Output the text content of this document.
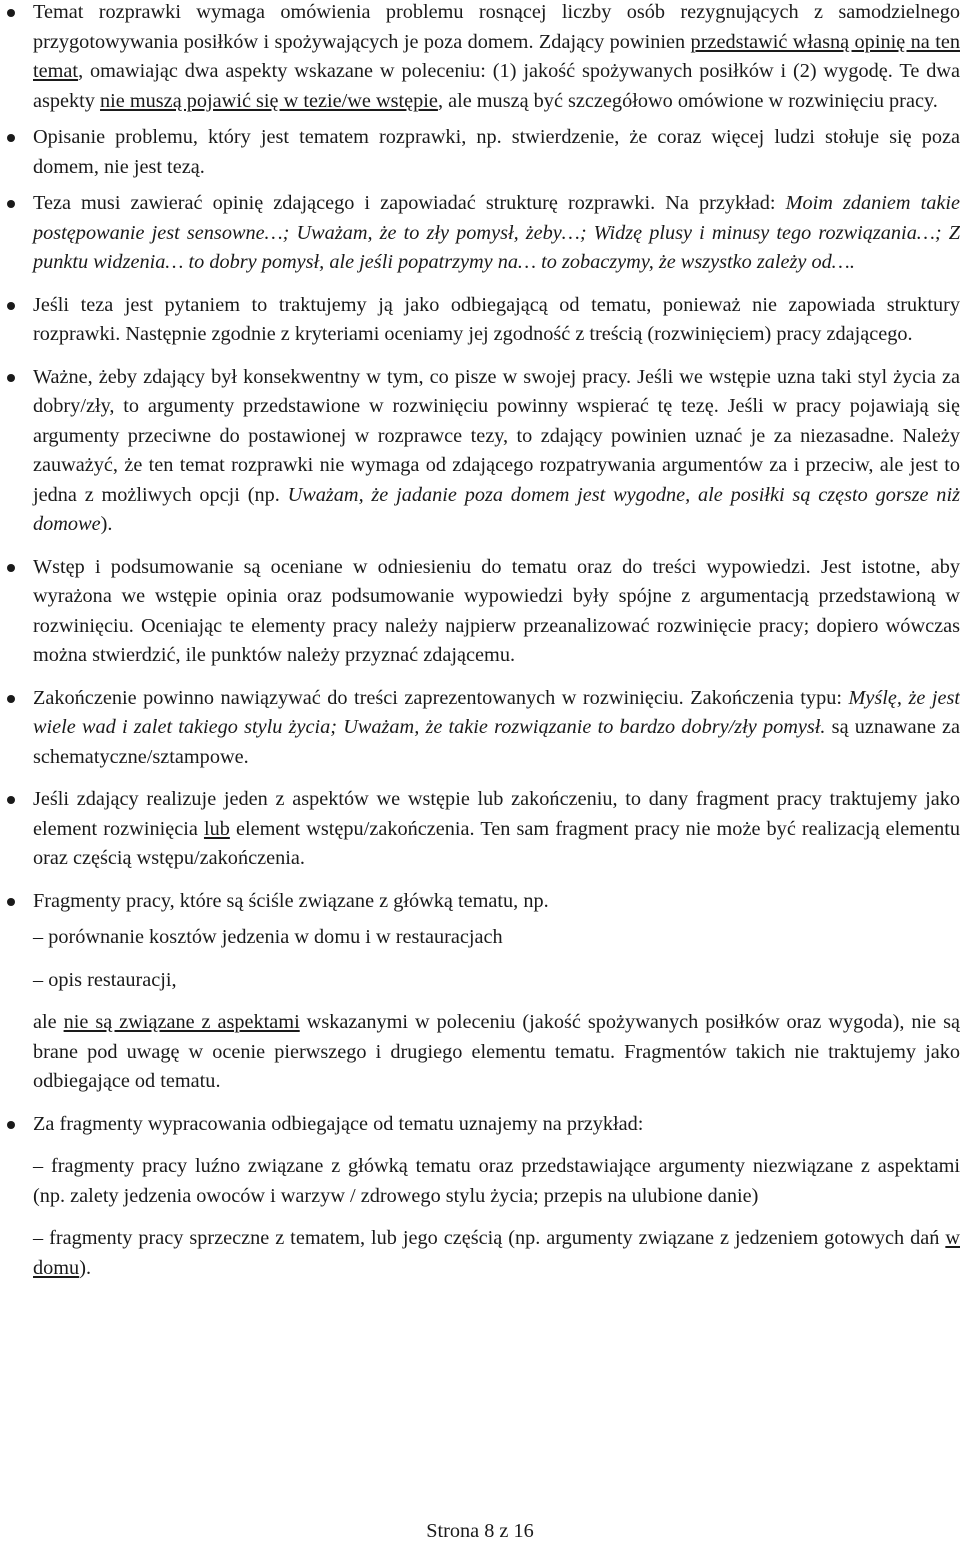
Temat rozprawki wymaga omówienia problemu rosnącej liczby osób rezygnujących z samodzielnego przygotowywania posiłków i spożywających je poza domem. Zdający powinien przedstawić własną opinię na ten temat, omawiając dwa aspekty wskazane w poleceniu: (1) jakość spożywanych posiłków i (2) wygodę. Te dwa aspekty nie muszą pojawić się w tezie/we wstępie, ale muszą być szczegółowo omówione w rozwinięciu pracy.
Opisanie problemu, który jest tematem rozprawki, np. stwierdzenie, że coraz więcej ludzi stołuje się poza domem, nie jest tezą.
Teza musi zawierać opinię zdającego i zapowiadać strukturę rozprawki. Na przykład: Moim zdaniem takie postępowanie jest sensowne…; Uważam, że to zły pomysł, żeby…; Widzę plusy i minusy tego rozwiązania…; Z punktu widzenia… to dobry pomysł, ale jeśli popatrzymy na… to zobaczymy, że wszystko zależy od….
Jeśli teza jest pytaniem to traktujemy ją jako odbiegającą od tematu, ponieważ nie zapowiada struktury rozprawki. Następnie zgodnie z kryteriami oceniamy jej zgodność z treścią (rozwinięciem) pracy zdającego.
Ważne, żeby zdający był konsekwentny w tym, co pisze w swojej pracy. Jeśli we wstępie uzna taki styl życia za dobry/zły, to argumenty przedstawione w rozwinięciu powinny wspierać tę tezę. Jeśli w pracy pojawiają się argumenty przeciwne do postawionej w rozprawce tezy, to zdający powinien uznać je za niezasadne. Należy zauważyć, że ten temat rozprawki nie wymaga od zdającego rozpatrywania argumentów za i przeciw, ale jest to jedna z możliwych opcji (np. Uważam, że jadanie poza domem jest wygodne, ale posiłki są często gorsze niż domowe).
Wstęp i podsumowanie są oceniane w odniesieniu do tematu oraz do treści wypowiedzi. Jest istotne, aby wyrażona we wstępie opinia oraz podsumowanie wypowiedzi były spójne z argumentacją przedstawioną w rozwinięciu. Oceniając te elementy pracy należy najpierw przeanalizować rozwinięcie pracy; dopiero wówczas można stwierdzić, ile punktów należy przyznać zdającemu.
Zakończenie powinno nawiązywać do treści zaprezentowanych w rozwinięciu. Zakończenia typu: Myślę, że jest wiele wad i zalet takiego stylu życia; Uważam, że takie rozwiązanie to bardzo dobry/zły pomysł. są uznawane za schematyczne/sztampowe.
Jeśli zdający realizuje jeden z aspektów we wstępie lub zakończeniu, to dany fragment pracy traktujemy jako element rozwinięcia lub element wstępu/zakończenia. Ten sam fragment pracy nie może być realizacją elementu oraz częścią wstępu/zakończenia.
Fragmenty pracy, które są ściśle związane z główką tematu, np.
– porównanie kosztów jedzenia w domu i w restauracjach
– opis restauracji,
ale nie są związane z aspektami wskazanymi w poleceniu (jakość spożywanych posiłków oraz wygoda), nie są brane pod uwagę w ocenie pierwszego i drugiego elementu tematu. Fragmentów takich nie traktujemy jako odbiegające od tematu.
Za fragmenty wypracowania odbiegające od tematu uznajemy na przykład:
– fragmenty pracy luźno związane z główką tematu oraz przedstawiające argumenty niezwiązane z aspektami (np. zalety jedzenia owoców i warzyw / zdrowego stylu życia; przepis na ulubione danie)
– fragmenty pracy sprzeczne z tematem, lub jego częścią (np. argumenty związane z jedzeniem gotowych dań w domu).
Strona 8 z 16
